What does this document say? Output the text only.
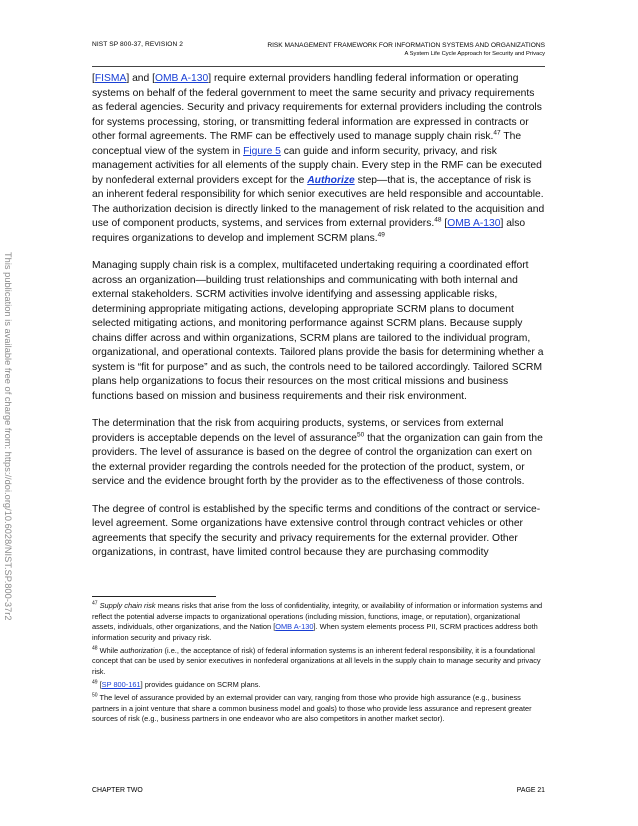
NIST SP 800-37, REVISION 2	RISK MANAGEMENT FRAMEWORK FOR INFORMATION SYSTEMS AND ORGANIZATIONS
A System Life Cycle Approach for Security and Privacy
This publication is available free of charge from: https://doi.org/10.6028/NIST.SP.800-37r2

[FISMA] and [OMB A-130] require external providers handling federal information or operating systems on behalf of the federal government to meet the same security and privacy requirements as federal agencies. Security and privacy requirements for external providers including the controls for systems processing, storing, or transmitting federal information are expressed in contracts or other formal agreements. The RMF can be effectively used to manage supply chain risk.$^{47}$ The conceptual view of the system in Figure 5 can guide and inform security, privacy, and risk management activities for all elements of the supply chain. Every step in the RMF can be executed by nonfederal external providers except for the Authorize step—that is, the acceptance of risk is an inherent federal responsibility for which senior executives are held responsible and accountable. The authorization decision is directly linked to the management of risk related to the acquisition and use of component products, systems, and services from external providers.$^{48}$ [OMB A-130] also requires organizations to develop and implement SCRM plans.$^{49}$

Managing supply chain risk is a complex, multifaceted undertaking requiring a coordinated effort across an organization—building trust relationships and communicating with both internal and external stakeholders. SCRM activities involve identifying and assessing applicable risks, determining appropriate mitigating actions, developing appropriate SCRM plans to document selected mitigating actions, and monitoring performance against SCRM plans. Because supply chains differ across and within organizations, SCRM plans are tailored to the individual program, organizational, and operational contexts. Tailored plans provide the basis for determining whether a system is “fit for purpose” and as such, the controls need to be tailored accordingly. Tailored SCRM plans help organizations to focus their resources on the most critical missions and business functions based on mission and business requirements and their risk environment.

The determination that the risk from acquiring products, systems, or services from external providers is acceptable depends on the level of assurance$^{50}$ that the organization can gain from the providers. The level of assurance is based on the degree of control the organization can exert on the external provider regarding the controls needed for the protection of the product, system, or service and the evidence brought forth by the provider as to the effectiveness of those controls.

The degree of control is established by the specific terms and conditions of the contract or service-level agreement. Some organizations have extensive control through contract vehicles or other agreements that specify the security and privacy requirements for the external provider. Other organizations, in contrast, have limited control because they are purchasing commodity

$^{47}$ Supply chain risk means risks that arise from the loss of confidentiality, integrity, or availability of information or information systems and reflect the potential adverse impacts to organizational operations (including mission, functions, image, or reputation), organizational assets, individuals, other organizations, and the Nation [OMB A-130]. When system elements process PII, SCRM practices address both information security and privacy risk.
$^{48}$ While authorization (i.e., the acceptance of risk) of federal information systems is an inherent federal responsibility, it is a foundational concept that can be used by senior executives in nonfederal organizations at all levels in the supply chain to manage security and privacy risk.
$^{49}$ [SP 800-161] provides guidance on SCRM plans.
$^{50}$ The level of assurance provided by an external provider can vary, ranging from those who provide high assurance (e.g., business partners in a joint venture that share a common business model and goals) to those who provide less assurance and represent greater sources of risk (e.g., business partners in one endeavor who are also competitors in another market sector).
CHAPTER TWO	PAGE 21
